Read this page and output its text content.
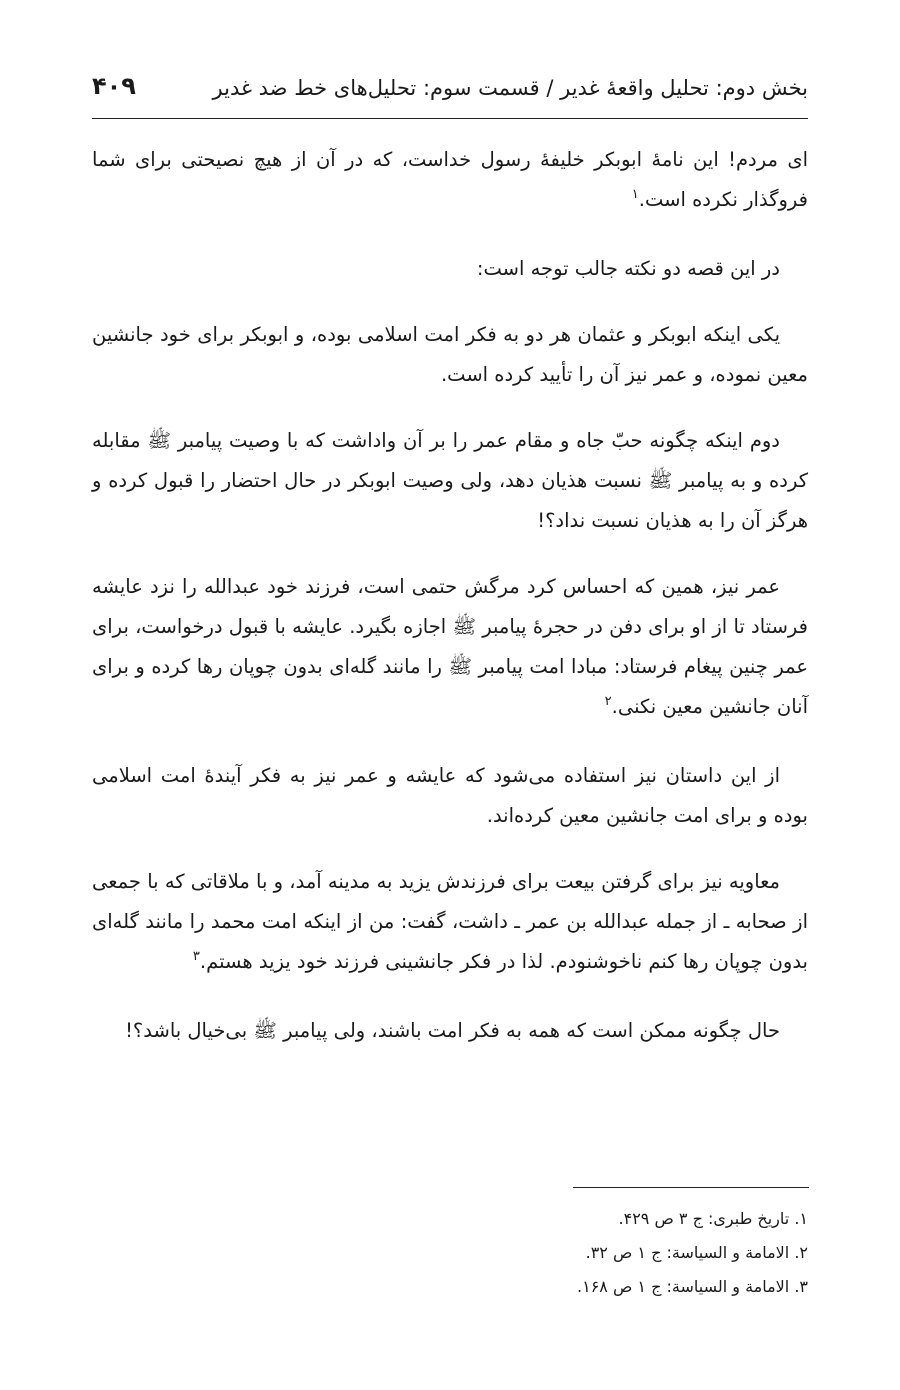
بخش دوم: تحلیل واقعهٔ غدیر / قسمت سوم: تحلیل‌های خط ضد غدیر
۴۰۹

ای مردم! این نامهٔ ابوبکر خلیفهٔ رسول خداست، که در آن از هیچ نصیحتی برای شما فروگذار نکرده است.$^۱$

در این قصه دو نکته جالب توجه است:

یکی اینکه ابوبکر و عثمان هر دو به فکر امت اسلامی بوده، و ابوبکر برای خود جانشین معین نموده، و عمر نیز آن را تأیید کرده است.

دوم اینکه چگونه حبّ جاه و مقام عمر را بر آن واداشت که با وصیت پیامبر ﷺ مقابله کرده و به پیامبر ﷺ نسبت هذیان دهد، ولی وصیت ابوبکر در حال احتضار را قبول کرده و هرگز آن را به هذیان نسبت نداد؟!

عمر نیز، همین که احساس کرد مرگش حتمی است، فرزند خود عبدالله را نزد عایشه فرستاد تا از او برای دفن در حجرهٔ پیامبر ﷺ اجازه بگیرد. عایشه با قبول درخواست، برای عمر چنین پیغام فرستاد: مبادا امت پیامبر ﷺ را مانند گله‌ای بدون چوپان رها کرده و برای آنان جانشین معین نکنی.$^۲$

از این داستان نیز استفاده می‌شود که عایشه و عمر نیز به فکر آیندهٔ امت اسلامی بوده و برای امت جانشین معین کرده‌اند.

معاویه نیز برای گرفتن بیعت برای فرزندش یزید به مدینه آمد، و با ملاقاتی که با جمعی از صحابه ـ از جمله عبدالله بن عمر ـ داشت، گفت: من از اینکه امت محمد را مانند گله‌ای بدون چوپان رها کنم ناخوشنودم. لذا در فکر جانشینی فرزند خود یزید هستم.$^۳$

حال چگونه ممکن است که همه به فکر امت باشند، ولی پیامبر ﷺ بی‌خیال باشد؟!

۱. تاریخ طبری: ج ۳ ص ۴۲۹.
۲. الامامة و السیاسة: ج ۱ ص ۳۲.
۳. الامامة و السیاسة: ج ۱ ص ۱۶۸.
